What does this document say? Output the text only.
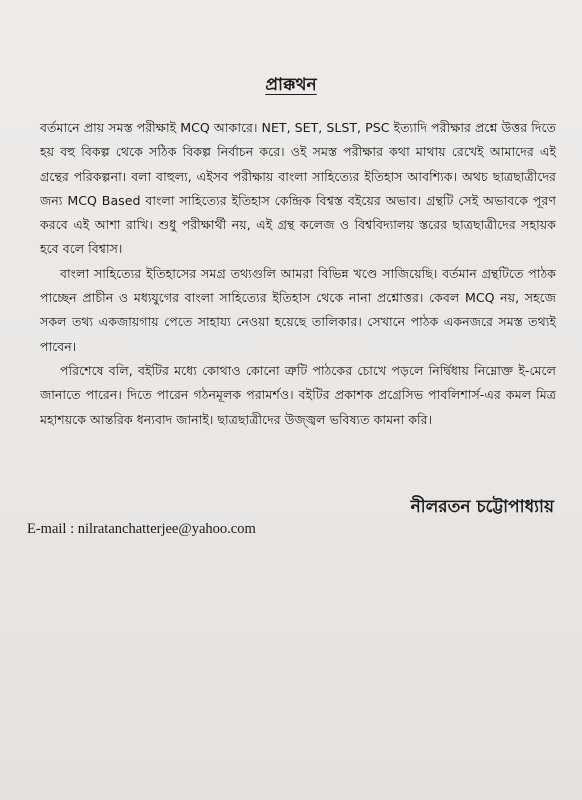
প্রাক্কথন

বর্তমানে প্রায় সমস্ত পরীক্ষাই MCQ আকারে। NET, SET, SLST, PSC ইত্যাদি পরীক্ষার প্রশ্নে উত্তর দিতে হয় বহু বিকল্প থেকে সঠিক বিকল্প নির্বাচন করে। ওই সমস্ত পরীক্ষার কথা মাথায় রেখেই আমাদের এই গ্রন্থের পরিকল্পনা। বলা বাহুল্য, এইসব পরীক্ষায় বাংলা সাহিত্যের ইতিহাস আবশ্যিক। অথচ ছাত্রছাত্রীদের জন্য MCQ Based বাংলা সাহিত্যের ইতিহাস কেন্দ্রিক বিশ্বস্ত বইয়ের অভাব। গ্রন্থটি সেই অভাবকে পূরণ করবে এই আশা রাখি। শুধু পরীক্ষার্থী নয়, এই গ্রন্থ কলেজ ও বিশ্ববিদ্যালয় স্তরের ছাত্রছাত্রীদের সহায়ক হবে বলে বিশ্বাস।

বাংলা সাহিত্যের ইতিহাসের সমগ্র তথ্যগুলি আমরা বিভিন্ন খণ্ডে সাজিয়েছি। বর্তমান গ্রন্থটিতে পাঠক পাচ্ছেন প্রাচীন ও মধ্যযুগের বাংলা সাহিত্যের ইতিহাস থেকে নানা প্রশ্নোত্তর। কেবল MCQ নয়, সহজে সকল তথ্য একজায়গায় পেতে সাহায্য নেওয়া হয়েছে তালিকার। সেখানে পাঠক একনজরে সমস্ত তথ্যই পাবেন।

পরিশেষে বলি, বইটির মধ্যে কোথাও কোনো ত্রুটি পাঠকের চোখে পড়লে নির্দ্বিধায় নিম্নোক্ত ই-মেলে জানাতে পারেন। দিতে পারেন গঠনমূলক পরামর্শও। বইটির প্রকাশক প্রগ্রেসিভ পাবলিশার্স-এর কমল মিত্র মহাশয়কে আন্তরিক ধন্যবাদ জানাই। ছাত্রছাত্রীদের উজ্জ্বল ভবিষ্যত কামনা করি।

নীলরতন চট্টোপাধ্যায়
E-mail : nilratanchatterjee@yahoo.com
